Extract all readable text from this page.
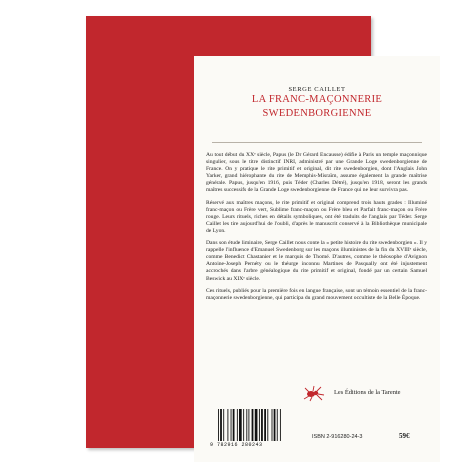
SERGE CAILLET
LA FRANC-MAÇONNERIE
SWEDENBORGIENNE

Au tout début du XXᵉ siècle, Papus (le Dr Gérard Encausse) édifie à Paris un temple maçonnique singulier, sous le titre distinctif INRI, administré par une Grande Loge swedenborgienne de France. On y pratique le rite primitif et original, dit rite swedenborgien, dont l'Anglais John Yarker, grand hiérophante du rite de Memphis-Misraïm, assume également la grande maîtrise générale. Papus, jusqu'en 1916, puis Téder (Charles Détré), jusqu'en 1918, seront les grands maîtres successifs de la Grande Loge swedenborgienne de France qui ne leur survivra pas.

Réservé aux maîtres maçons, le rite primitif et original comprend trois hauts grades : Illuminé franc-maçon ou Frère vert, Sublime franc-maçon ou Frère bleu et Parfait franc-maçon ou Frère rouge. Leurs rituels, riches en détails symboliques, ont été traduits de l'anglais par Téder. Serge Caillet les tire aujourd'hui de l'oubli, d'après le manuscrit conservé à la Bibliothèque municipale de Lyon.

Dans son étude liminaire, Serge Caillet nous conte la « petite histoire du rite swedenborgien ». Il y rappelle l'influence d'Emanuel Swedenborg sur les maçons illuministes de la fin du XVIIIᵉ siècle, comme Benedict Chastanier et le marquis de Thomé. D'autres, comme le théosophe d'Avignon Antoine-Joseph Pernéty ou le théurge inconnu Martines de Pasqually ont été injustement accrochés dans l'arbre généalogique du rite primitif et original, fondé par un certain Samuel Beswick au XIXᵉ siècle.

Ces rituels, publiés pour la première fois en langue française, sont un témoin essentiel de la franc-maçonnerie swedenborgienne, qui participa du grand mouvement occultiste de la Belle Époque.

Les Éditions de la Tarente
9 782916 280243
ISBN 2-916280-24-3	59€
